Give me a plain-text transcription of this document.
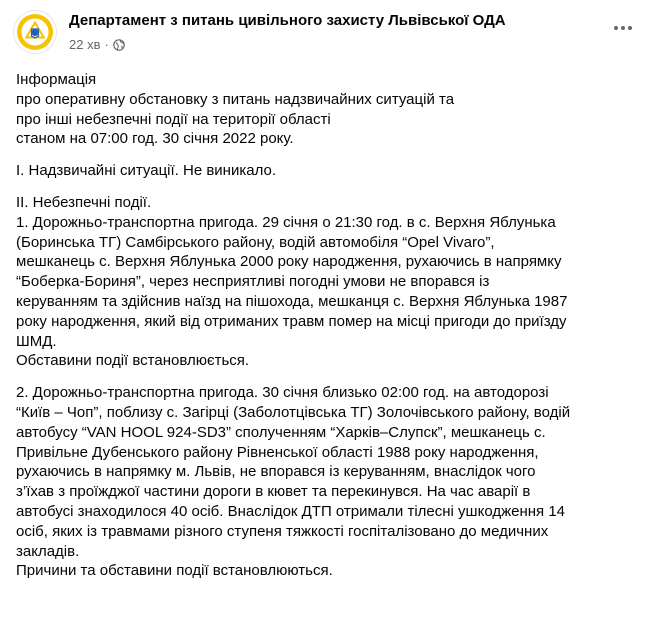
Департамент з питань цивільного захисту Львівської ОДА
22 хв ·

Інформація
про оперативну обстановку з питань надзвичайних ситуацій та
про інші небезпечні події на території області
станом на 07:00 год. 30 січня 2022 року.

І. Надзвичайні ситуації. Не виникало.

ІІ. Небезпечні події.
1. Дорожньо-транспортна пригода. 29 січня о 21:30 год. в с. Верхня Яблунька
(Боринська ТГ) Самбірського району, водій автомобіля “Opel Vivaro”,
мешканець с. Верхня Яблунька 2000 року народження, рухаючись в напрямку
“Боберка-Бориня”, через несприятливі погодні умови не впорався із
керуванням та здійснив наїзд на пішохода, мешканця с. Верхня Яблунька 1987
року народження, який від отриманих травм помер на місці пригоди до приїзду
ШМД.
Обставини події встановлюється.

2. Дорожньо-транспортна пригода. 30 січня близько 02:00 год. на автодорозі
“Київ – Чоп”, поблизу с. Загірці (Заболотцівська ТГ) Золочівського району, водій
автобусу “VAN HOOL 924-SD3” сполученням “Харків–Слупск”, мешканець с.
Привільне Дубенського району Рівненської області 1988 року народження,
рухаючись в напрямку м. Львів, не впорався із керуванням, внаслідок чого
з’їхав з проїжджої частини дороги в кювет та перекинувся. На час аварії в
автобусі знаходилося 40 осіб. Внаслідок ДТП отримали тілесні ушкодження 14
осіб, яких із травмами різного ступеня тяжкості госпіталізовано до медичних
закладів.
Причини та обставини події встановлюються.
